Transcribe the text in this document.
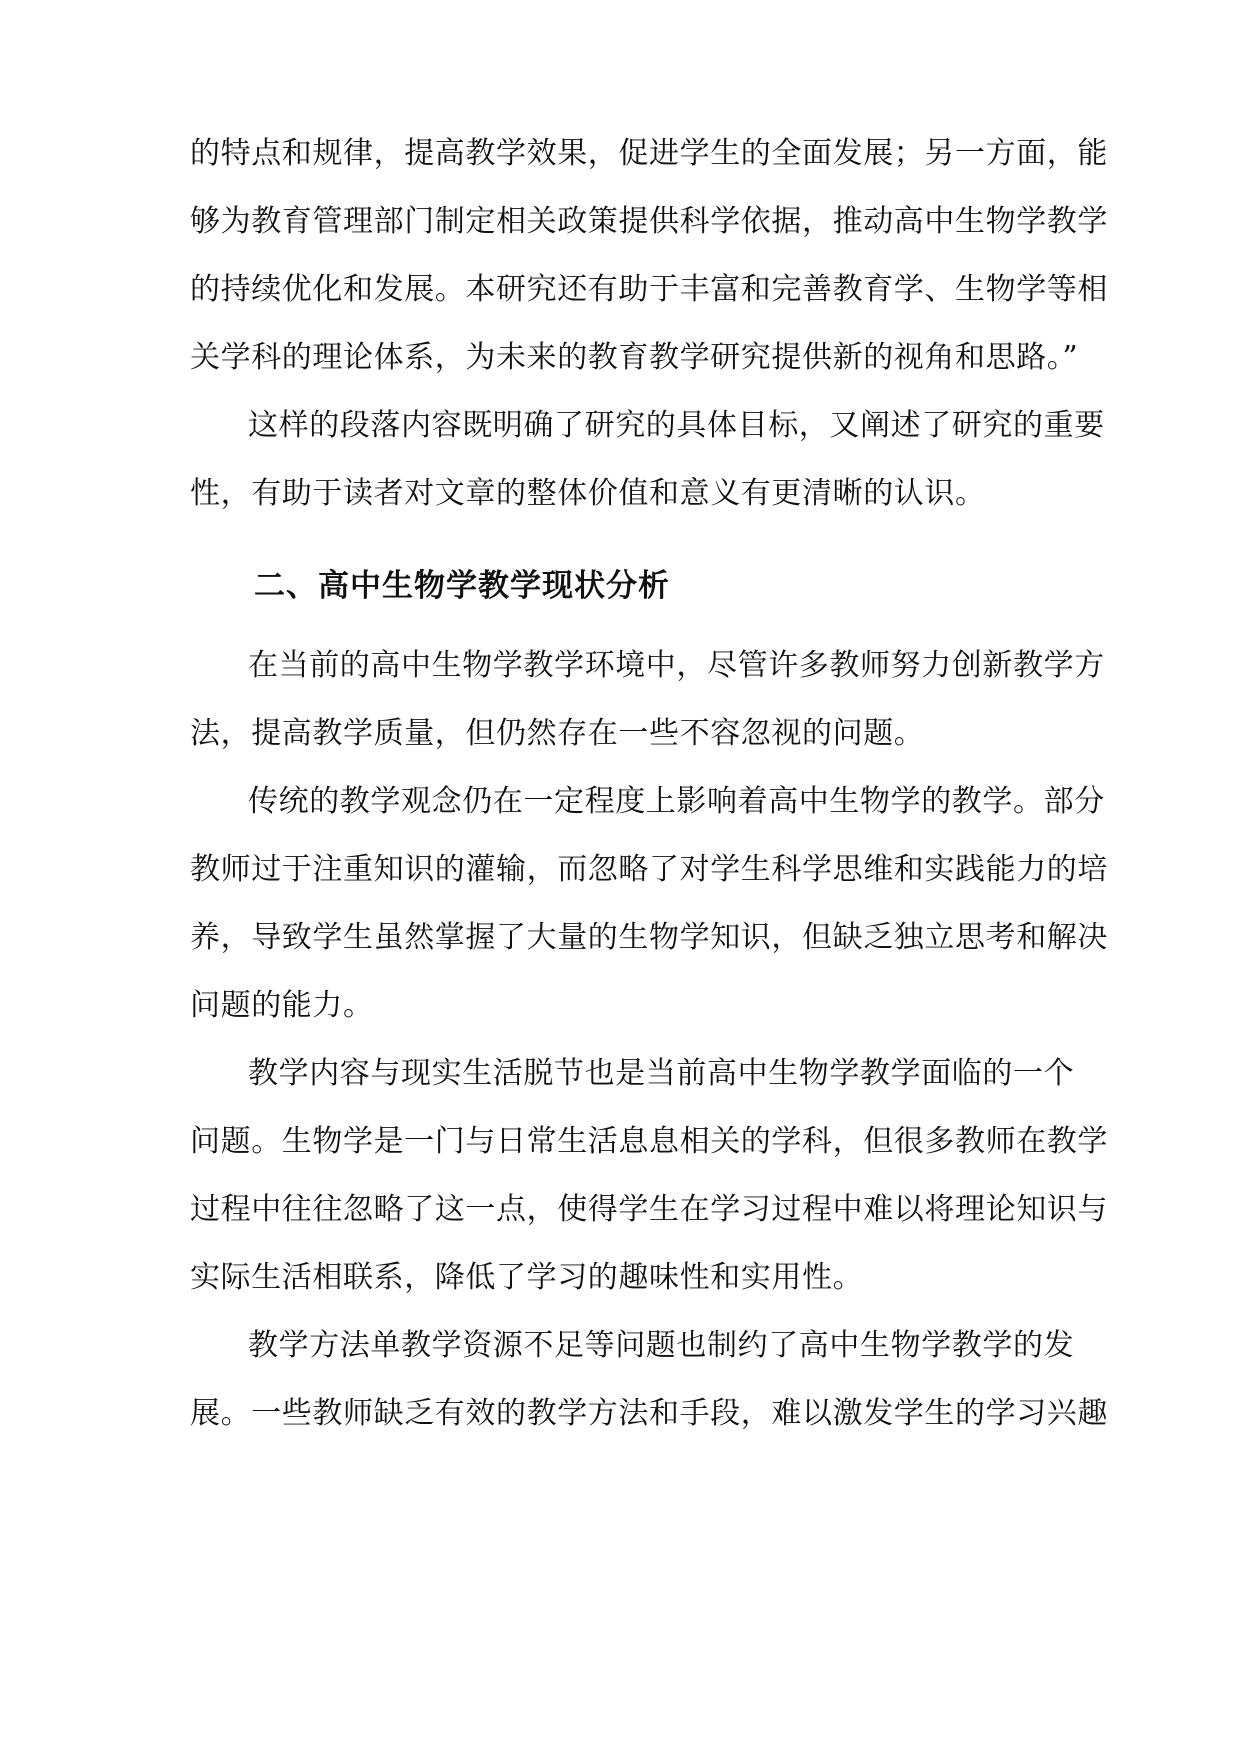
的特点和规律，提高教学效果，促进学生的全面发展；另一方面，能
够为教育管理部门制定相关政策提供科学依据，推动高中生物学教学
的持续优化和发展。本研究还有助于丰富和完善教育学、生物学等相
关学科的理论体系，为未来的教育教学研究提供新的视角和思路。”
这样的段落内容既明确了研究的具体目标，又阐述了研究的重要
性，有助于读者对文章的整体价值和意义有更清晰的认识。
二、高中生物学教学现状分析
在当前的高中生物学教学环境中，尽管许多教师努力创新教学方
法，提高教学质量，但仍然存在一些不容忽视的问题。
传统的教学观念仍在一定程度上影响着高中生物学的教学。部分
教师过于注重知识的灌输，而忽略了对学生科学思维和实践能力的培
养，导致学生虽然掌握了大量的生物学知识，但缺乏独立思考和解决
问题的能力。
教学内容与现实生活脱节也是当前高中生物学教学面临的一个
问题。生物学是一门与日常生活息息相关的学科，但很多教师在教学
过程中往往忽略了这一点，使得学生在学习过程中难以将理论知识与
实际生活相联系，降低了学习的趣味性和实用性。
教学方法单教学资源不足等问题也制约了高中生物学教学的发
展。一些教师缺乏有效的教学方法和手段，难以激发学生的学习兴趣
